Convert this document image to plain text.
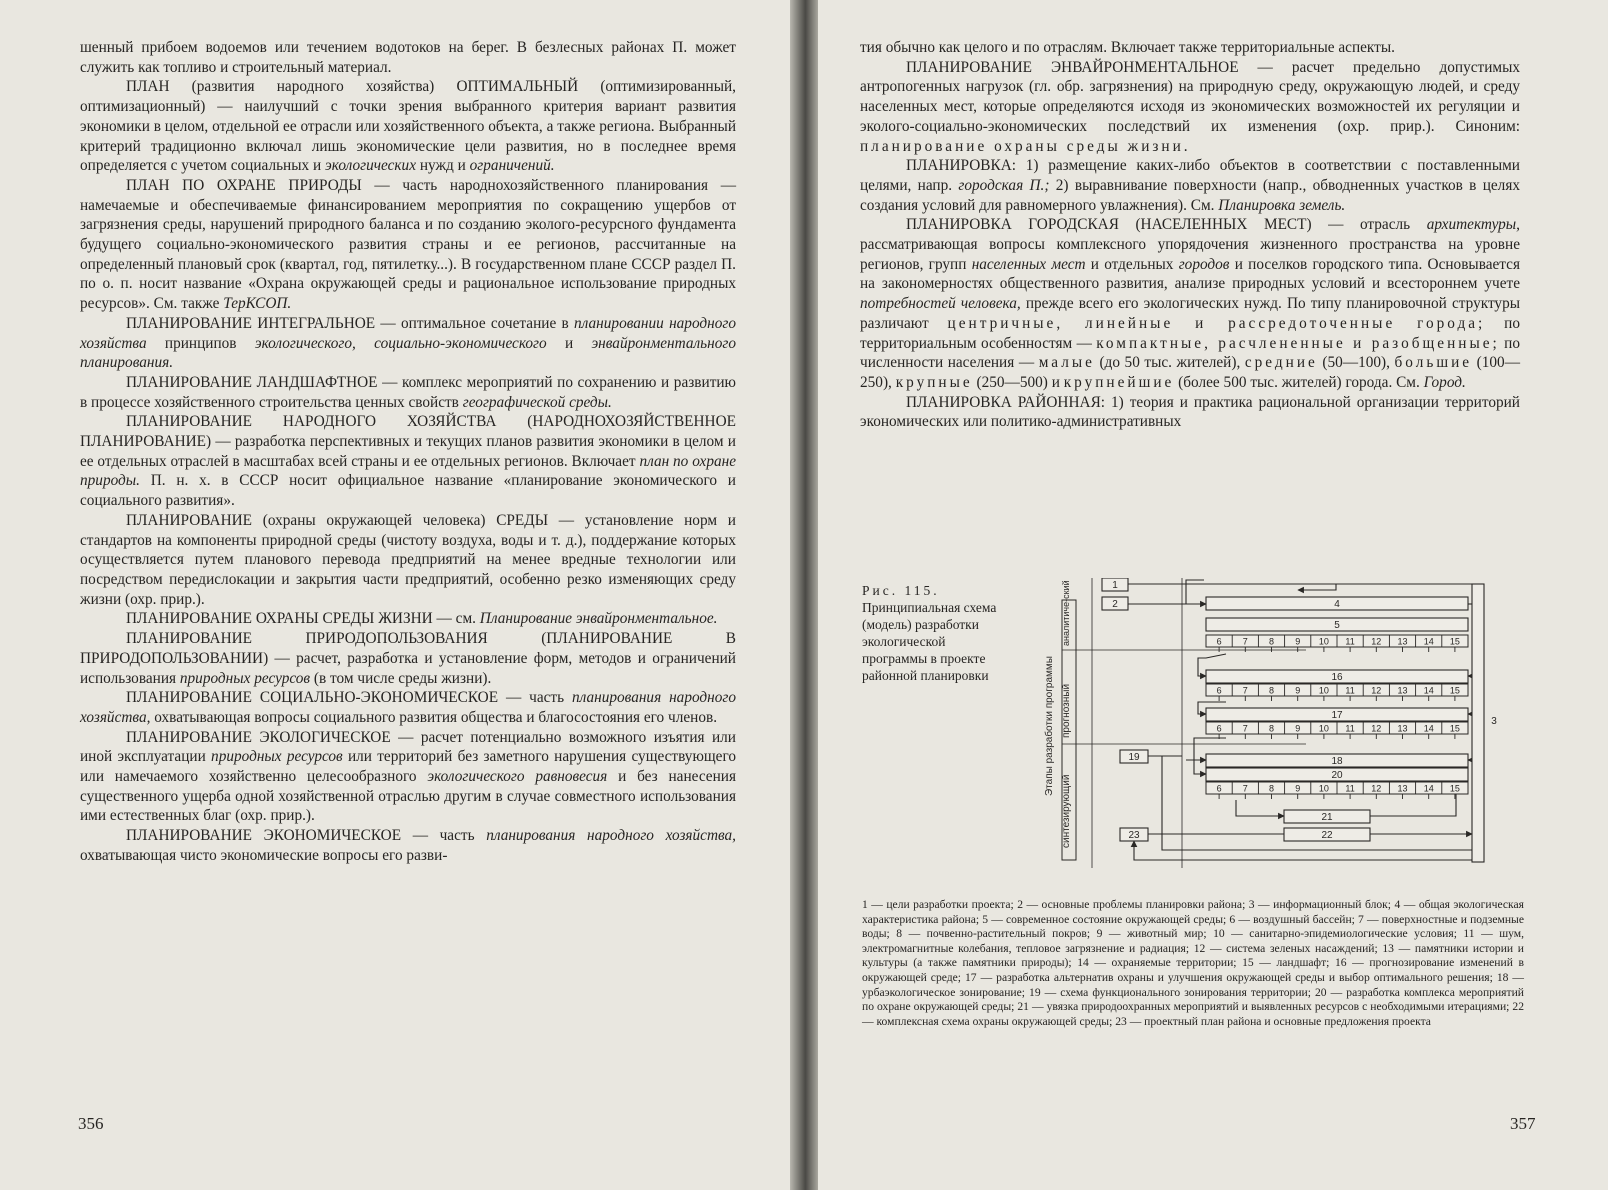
шенный прибоем водоемов или течением водотоков на берег. В безлесных районах П. может служить как топливо и строительный материал.

ПЛАН (развития народного хозяйства) ОПТИМАЛЬНЫЙ (оптимизированный, оптимизационный) — наилучший с точки зрения выбранного критерия вариант развития экономики в целом, отдельной ее отрасли или хозяйственного объекта, а также региона. Выбранный критерий традиционно включал лишь экономические цели развития, но в последнее время определяется с учетом социальных и экологических нужд и ограничений.

ПЛАН ПО ОХРАНЕ ПРИРОДЫ — часть народнохозяйственного планирования — намечаемые и обеспечиваемые финансированием мероприятия по сокращению ущербов от загрязнения среды, нарушений природного баланса и по созданию эколого-ресурсного фундамента будущего социально-экономического развития страны и ее регионов, рассчитанные на определенный плановый срок (квартал, год, пятилетку...). В государственном плане СССР раздел П. по о. п. носит название «Охрана окружающей среды и рациональное использование природных ресурсов». См. также ТерКСОП.

ПЛАНИРОВАНИЕ ИНТЕГРАЛЬНОЕ — оптимальное сочетание в планировании народного хозяйства принципов экологического, социально-экономического и энвайронментального планирования.

ПЛАНИРОВАНИЕ ЛАНДШАФТНОЕ — комплекс мероприятий по сохранению и развитию в процессе хозяйственного строительства ценных свойств географической среды.

ПЛАНИРОВАНИЕ НАРОДНОГО ХОЗЯЙСТВА (НАРОДНОХОЗЯЙСТВЕННОЕ ПЛАНИРОВАНИЕ) — разработка перспективных и текущих планов развития экономики в целом и ее отдельных отраслей в масштабах всей страны и ее отдельных регионов. Включает план по охране природы. П. н. х. в СССР носит официальное название «планирование экономического и социального развития».

ПЛАНИРОВАНИЕ (охраны окружающей человека) СРЕДЫ — установление норм и стандартов на компоненты природной среды (чистоту воздуха, воды и т. д.), поддержание которых осуществляется путем планового перевода предприятий на менее вредные технологии или посредством передислокации и закрытия части предприятий, особенно резко изменяющих среду жизни (охр. прир.).

ПЛАНИРОВАНИЕ ОХРАНЫ СРЕДЫ ЖИЗНИ — см. Планирование энвайронментальное.

ПЛАНИРОВАНИЕ ПРИРОДОПОЛЬЗОВАНИЯ (ПЛАНИРОВАНИЕ В ПРИРОДОПОЛЬЗОВАНИИ) — расчет, разработка и установление форм, методов и ограничений использования природных ресурсов (в том числе среды жизни).

ПЛАНИРОВАНИЕ СОЦИАЛЬНО-ЭКОНОМИЧЕСКОЕ — часть планирования народного хозяйства, охватывающая вопросы социального развития общества и благосостояния его членов.

ПЛАНИРОВАНИЕ ЭКОЛОГИЧЕСКОЕ — расчет потенциально возможного изъятия или иной эксплуатации природных ресурсов или территорий без заметного нарушения существующего или намечаемого хозяйственно целесообразного экологического равновесия и без нанесения существенного ущерба одной хозяйственной отраслью другим в случае совместного использования ими естественных благ (охр. прир.).

ПЛАНИРОВАНИЕ ЭКОНОМИЧЕСКОЕ — часть планирования народного хозяйства, охватывающая чисто экономические вопросы его разви-

356

тия обычно как целого и по отраслям. Включает также территориальные аспекты.

ПЛАНИРОВАНИЕ ЭНВАЙРОНМЕНТАЛЬНОЕ — расчет предельно допустимых антропогенных нагрузок (гл. обр. загрязнения) на природную среду, окружающую людей, и среду населенных мест, которые определяются исходя из экономических возможностей их регуляции и эколого-социально-экономических последствий их изменения (охр. прир.). Синоним: планирование охраны среды жизни.

ПЛАНИРОВКА: 1) размещение каких-либо объектов в соответствии с поставленными целями, напр. городская П.; 2) выравнивание поверхности (напр., обводненных участков в целях создания условий для равномерного увлажнения). См. Планировка земель.

ПЛАНИРОВКА ГОРОДСКАЯ (НАСЕЛЕННЫХ МЕСТ) — отрасль архитектуры, рассматривающая вопросы комплексного упорядочения жизненного пространства на уровне регионов, групп населенных мест и отдельных городов и поселков городского типа. Основывается на закономерностях общественного развития, анализе природных условий и всестороннем учете потребностей человека, прежде всего его экологических нужд. По типу планировочной структуры различают центричные, линейные и рассредоточенные города; по территориальным особенностям — компактные, расчлененные и разобщенные; по численности населения — малые (до 50 тыс. жителей), средние (50—100), большие (100—250), крупные (250—500) и крупнейшие (более 500 тыс. жителей) города. См. Город.

ПЛАНИРОВКА РАЙОННАЯ: 1) теория и практика рациональной организации территорий экономических или политико-административных

Рис. 115. Принципиальная схема (модель) разработки экологической программы в проекте районной планировки
1
2	4
5
6 7 8 9 10 11 12 13 14 15
16
6 7 8 9 10 11 12 13 14 15
17
6 7 8 9 10 11 12 13 14 15
18
19
20
6 7 8 9 10 11 12 13 14 15
21
22
23
3
Этапы разработки программы
аналитиче-ский
прогнозный
синтезирующий
1 — цели разработки проекта; 2 — основные проблемы планировки района; 3 — информационный блок; 4 — общая экологическая характеристика района; 5 — современное состояние окружающей среды; 6 — воздушный бассейн; 7 — поверхностные и подземные воды; 8 — почвенно-растительный покров; 9 — животный мир; 10 — санитарно-эпидемиологические условия; 11 — шум, электромагнитные колебания, тепловое загрязнение и радиация; 12 — система зеленых насаждений; 13 — памятники истории и культуры (а также памятники природы); 14 — охраняемые территории; 15 — ландшафт; 16 — прогнозирование изменений в окружающей среде; 17 — разработка альтернатив охраны и улучшения окружающей среды и выбор оптимального решения; 18 — урбаэкологическое зонирование; 19 — схема функционального зонирования территории; 20 — разработка комплекса мероприятий по охране окружающей среды; 21 — увязка природоохранных мероприятий и выявленных ресурсов с необходимыми итерациями; 22 — комплексная схема охраны окружающей среды; 23 — проектный план района и основные предложения проекта
357
